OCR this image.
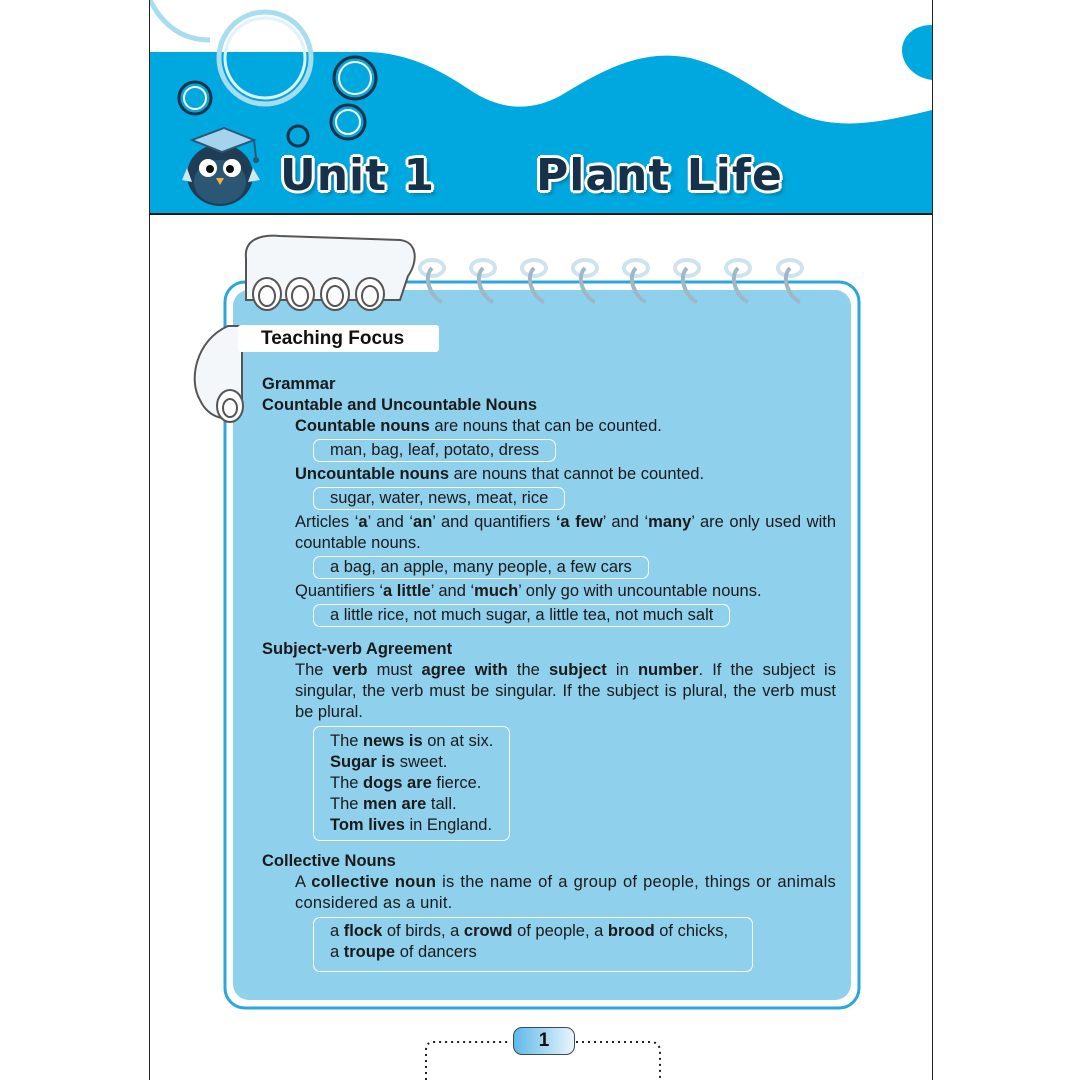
Unit 1 Plant Life
Teaching Focus
Grammar
Countable and Uncountable Nouns
Countable nouns are nouns that can be counted.
man, bag, leaf, potato, dress
Uncountable nouns are nouns that cannot be counted.
sugar, water, news, meat, rice
Articles ‘a’ and ‘an’ and quantifiers ‘a few’ and ‘many’ are only used with countable nouns.
a bag, an apple, many people, a few cars
Quantifiers ‘a little’ and ‘much’ only go with uncountable nouns.
a little rice, not much sugar, a little tea, not much salt
Subject-verb Agreement
The verb must agree with the subject in number. If the subject is singular, the verb must be singular. If the subject is plural, the verb must be plural.
The news is on at six.
Sugar is sweet.
The dogs are fierce.
The men are tall.
Tom lives in England.
Collective Nouns
A collective noun is the name of a group of people, things or animals considered as a unit.
a flock of birds, a crowd of people, a brood of chicks,
a troupe of dancers
1
